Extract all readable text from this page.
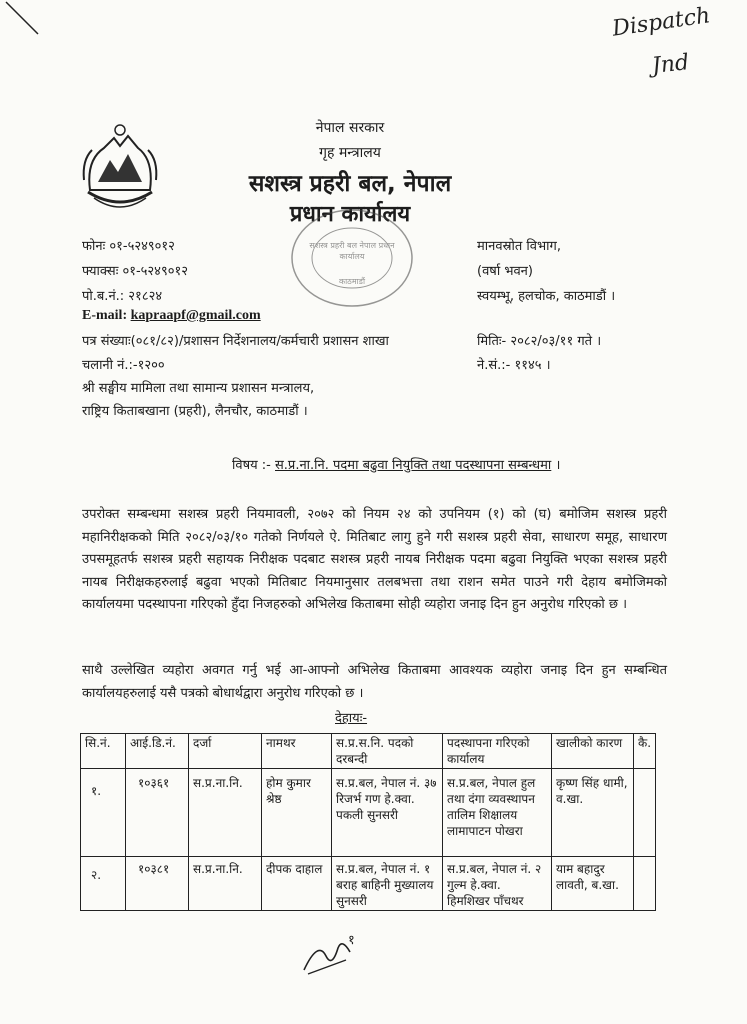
Dispatch
Jnd
नेपाल सरकार
गृह मन्त्रालय
सशस्त्र प्रहरी बल, नेपाल
प्रधान कार्यालय
सशस्त्र प्रहरी बल नेपाल प्रधान कार्यालय
काठमाडौं
फोनः ०१-५२४९०१२
फ्याक्सः ०१-५२४९०१२
पो.ब.नं.: २१८२४
E-mail: kapraapf@gmail.com
मानवस्रोत विभाग,
(वर्षा भवन)
स्वयम्भू, हलचोक, काठमाडौं ।
पत्र संख्याः(०८१/८२)/प्रशासन निर्देशनालय/कर्मचारी प्रशासन शाखा	मितिः- २०८२/०३/११ गते ।
चलानी नं.:-१२००	ने.सं.:- ११४५ ।
श्री सङ्घीय मामिला तथा सामान्य प्रशासन मन्त्रालय,
राष्ट्रिय किताबखाना (प्रहरी), लैनचौर, काठमाडौं ।
विषय :- स.प्र.ना.नि. पदमा बढुवा नियुक्ति तथा पदस्थापना सम्बन्धमा ।

उपरोक्त सम्बन्धमा सशस्त्र प्रहरी नियमावली, २०७२ को नियम २४ को उपनियम (१) को (घ) बमोजिम सशस्त्र प्रहरी महानिरीक्षकको मिति २०८२/०३/१० गतेको निर्णयले ऐ. मितिबाट लागु हुने गरी सशस्त्र प्रहरी सेवा, साधारण समूह, साधारण उपसमूहतर्फ सशस्त्र प्रहरी सहायक निरीक्षक पदबाट सशस्त्र प्रहरी नायब निरीक्षक पदमा बढुवा नियुक्ति भएका सशस्त्र प्रहरी नायब निरीक्षकहरुलाई बढुवा भएको मितिबाट नियमानुसार तलबभत्ता तथा राशन समेत पाउने गरी देहाय बमोजिमको कार्यालयमा पदस्थापना गरिएको हुँदा निजहरुको अभिलेख किताबमा सोही व्यहोरा जनाइ दिन हुन अनुरोध गरिएको छ ।

साथै उल्लेखित व्यहोरा अवगत गर्नु भई आ-आफ्नो अभिलेख किताबमा आवश्यक व्यहोरा जनाइ दिन हुन सम्बन्धित कार्यालयहरुलाई यसै पत्रको बोधार्थद्वारा अनुरोध गरिएको छ ।

देहायः-
सि.नं.	आई.डि.नं.	दर्जा	नामथर	स.प्र.स.नि. पदको दरबन्दी	पदस्थापना गरिएको कार्यालय	खालीको कारण	कै.
१.	१०३६१	स.प्र.ना.नि.	होम कुमार श्रेष्ठ	स.प्र.बल, नेपाल नं. ३७ रिजर्भ गण हे.क्वा. पकली सुनसरी	स.प्र.बल, नेपाल हुल तथा दंगा व्यवस्थापन तालिम शिक्षालय लामापाटन पोखरा	कृष्ण सिंह धामी, व.खा.	
२.	१०३८१	स.प्र.ना.नि.	दीपक दाहाल	स.प्र.बल, नेपाल नं. १ बराह बाहिनी मुख्यालय सुनसरी	स.प्र.बल, नेपाल नं. २ गुल्म हे.क्वा. हिमशिखर पाँचथर	याम बहादुर लावती, ब.खा.	
१
